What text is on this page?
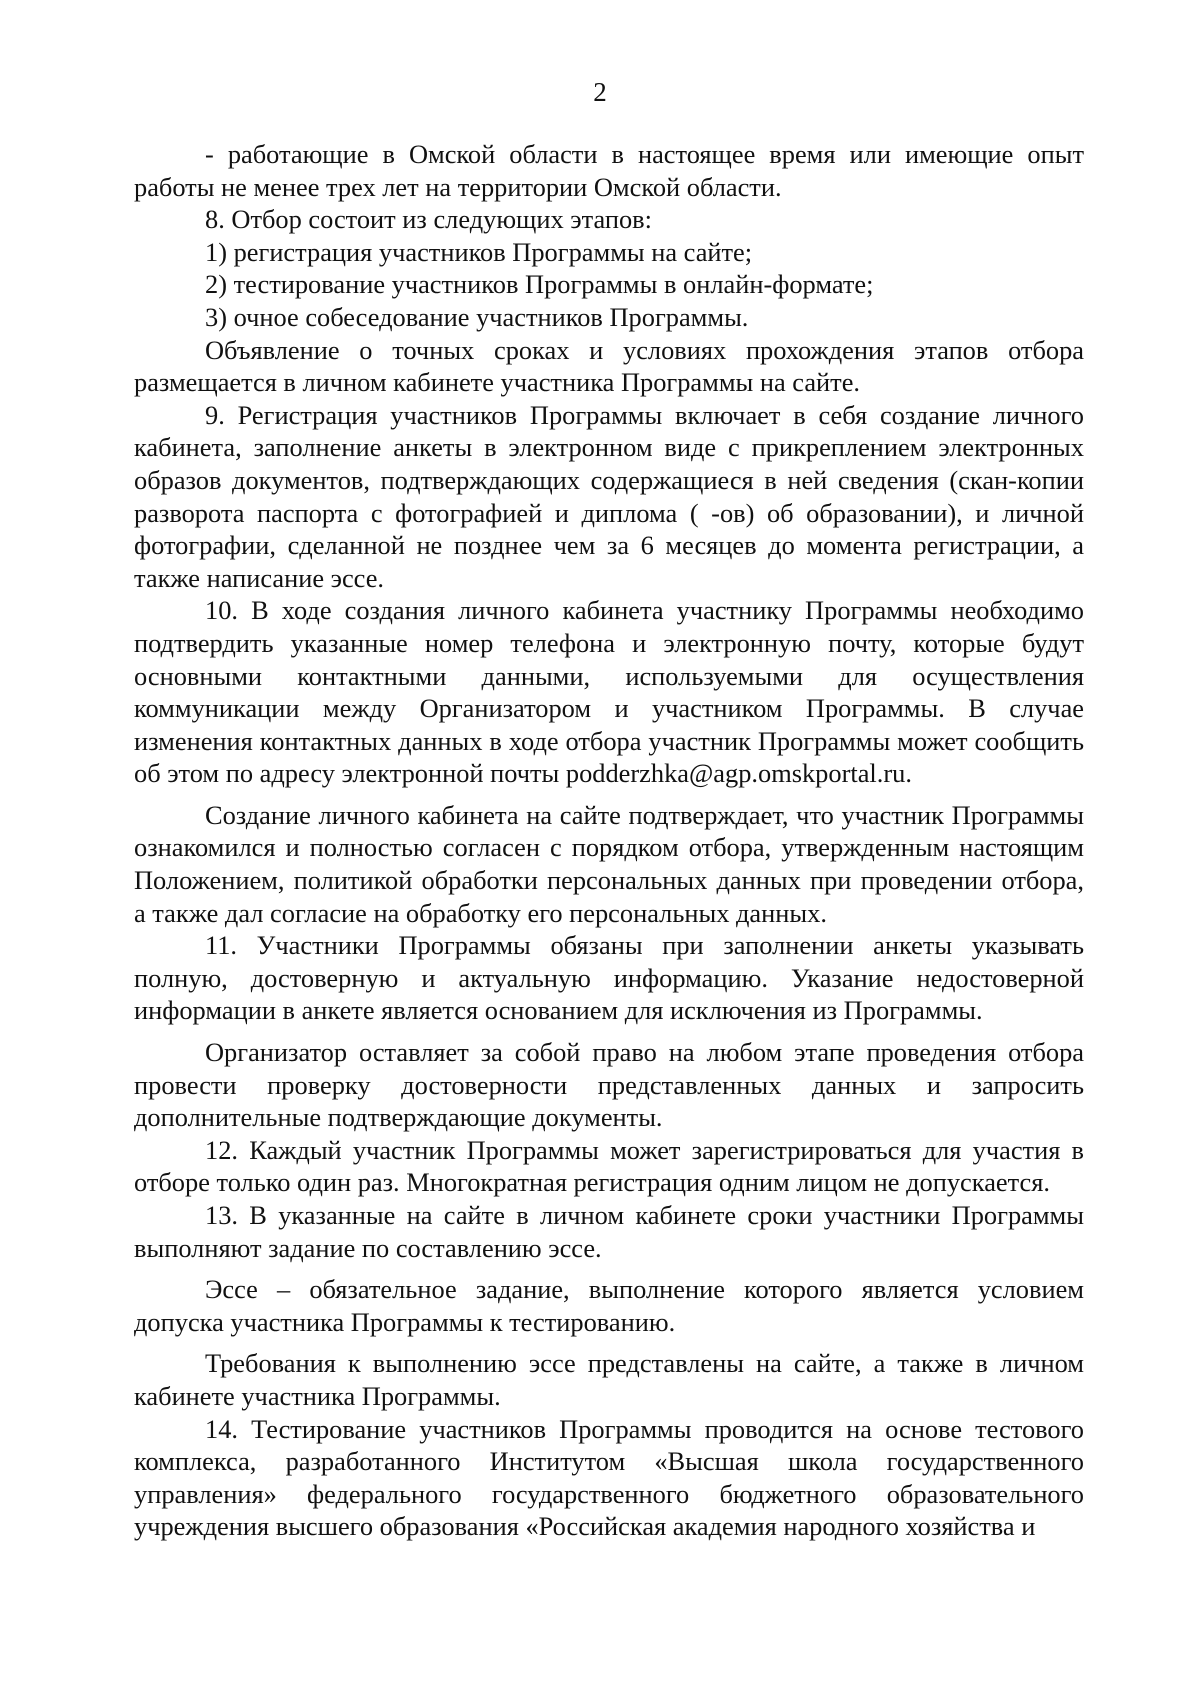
2

- работающие в Омской области в настоящее время или имеющие опыт работы не менее трех лет на территории Омской области.

8. Отбор состоит из следующих этапов:

1) регистрация участников Программы на сайте;

2) тестирование участников Программы в онлайн-формате;

3) очное собеседование участников Программы.

Объявление о точных сроках и условиях прохождения этапов отбора размещается в личном кабинете участника Программы на сайте.

9. Регистрация участников Программы включает в себя создание личного кабинета, заполнение анкеты в электронном виде с прикреплением электронных образов документов, подтверждающих содержащиеся в ней сведения (скан-копии разворота паспорта с фотографией и диплома ( -ов) об образовании), и личной фотографии, сделанной не позднее чем за 6 месяцев до момента регистрации, а также написание эссе.

10. В ходе создания личного кабинета участнику Программы необходимо подтвердить указанные номер телефона и электронную почту, которые будут основными контактными данными, используемыми для осуществления коммуникации между Организатором и участником Программы. В случае изменения контактных данных в ходе отбора участник Программы может сообщить об этом по адресу электронной почты podderzhka@agp.omskportal.ru.

Создание личного кабинета на сайте подтверждает, что участник Программы ознакомился и полностью согласен с порядком отбора, утвержденным настоящим Положением, политикой обработки персональных данных при проведении отбора, а также дал согласие на обработку его персональных данных.

11. Участники Программы обязаны при заполнении анкеты указывать полную, достоверную и актуальную информацию. Указание недостоверной информации в анкете является основанием для исключения из Программы.

Организатор оставляет за собой право на любом этапе проведения отбора провести проверку достоверности представленных данных и запросить дополнительные подтверждающие документы.

12. Каждый участник Программы может зарегистрироваться для участия в отборе только один раз. Многократная регистрация одним лицом не допускается.

13. В указанные на сайте в личном кабинете сроки участники Программы выполняют задание по составлению эссе.

Эссе – обязательное задание, выполнение которого является условием допуска участника Программы к тестированию.

Требования к выполнению эссе представлены на сайте, а также в личном кабинете участника Программы.

14. Тестирование участников Программы проводится на основе тестового комплекса, разработанного Институтом «Высшая школа государственного управления» федерального государственного бюджетного образовательного учреждения высшего образования «Российская академия народного хозяйства и
